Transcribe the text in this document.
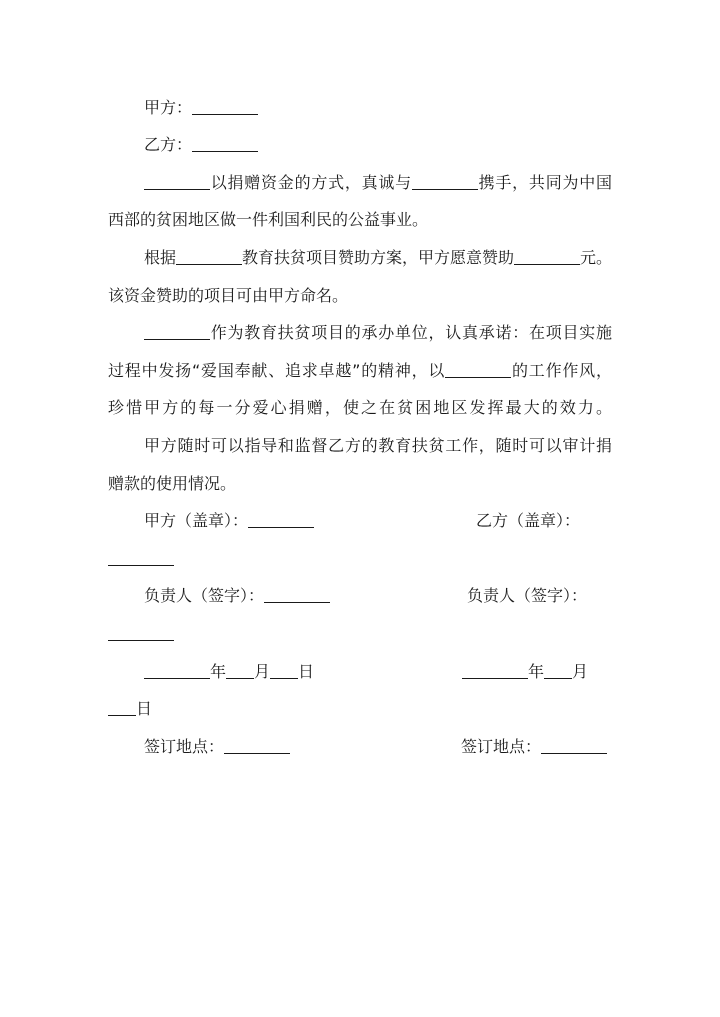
甲方：
乙方：
以捐赠资金的方式，真诚与	携手，共同为中国
西部的贫困地区做一件利国利民的公益事业。
根据	教育扶贫项目赞助方案，甲方愿意赞助	元。
该资金赞助的项目可由甲方命名。
作为教育扶贫项目的承办单位，认真承诺：在项目实施
过程中发扬“爱国奉献、追求卓越”的精神，以	的工作作风，
珍惜甲方的每一分爱心捐赠，使之在贫困地区发挥最大的效力。
甲方随时可以指导和监督乙方的教育扶贫工作，随时可以审计捐
赠款的使用情况。
甲方（盖章）：	乙方（盖章）：
负责人（签字）：	负责人（签字）：
年 月 日	年 月
日
签订地点：	签订地点：
